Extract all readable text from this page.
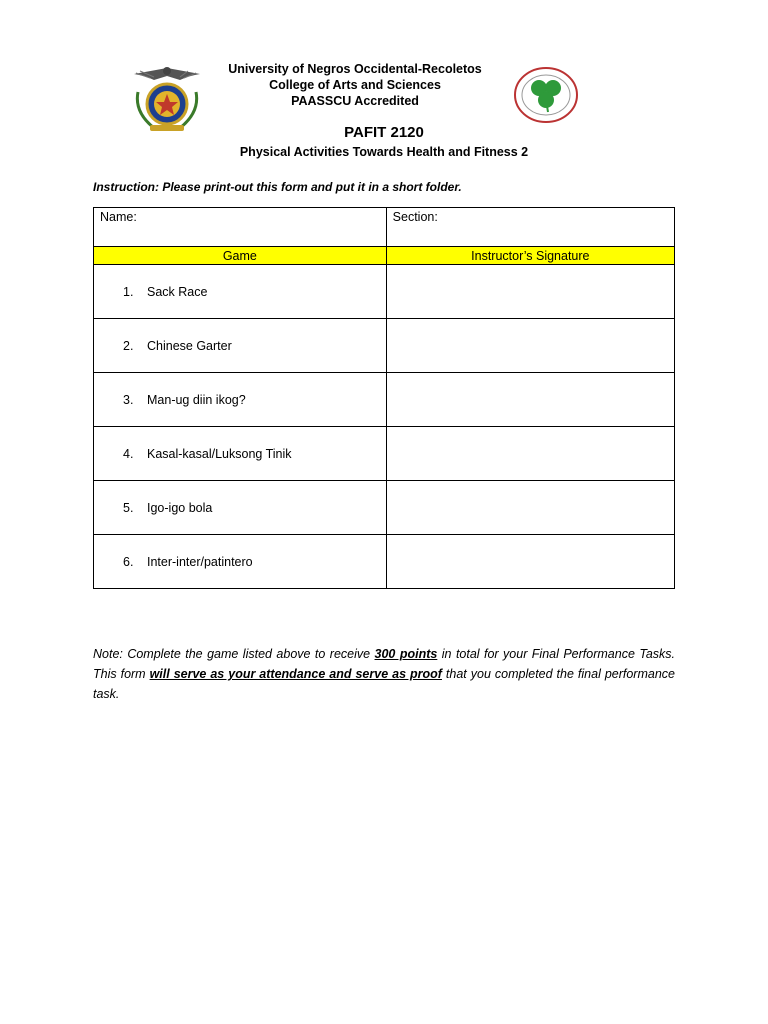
University of Negros Occidental-Recoletos
College of Arts and Sciences
PAASSCU Accredited
PAFIT 2120
Physical Activities Towards Health and Fitness 2
Instruction: Please print-out this form and put it in a short folder.
Name:	Section:
Game	Instructor’s Signature

1. Sack Race	

2. Chinese Garter	

3. Man-ug diin ikog?	

4. Kasal-kasal/Luksong Tinik	

5. Igo-igo bola	

6. Inter-inter/patintero	

Note: Complete the game listed above to receive 300 points in total for your Final Performance Tasks. This form will serve as your attendance and serve as proof that you completed the final performance task.
